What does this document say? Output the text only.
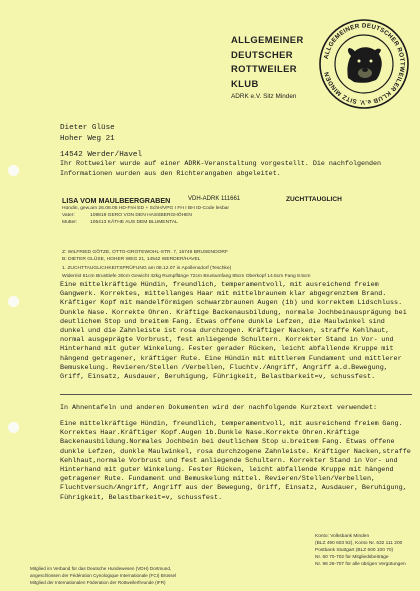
ALLGEMEINER
DEUTSCHER
ROTTWEILER
KLUB
ADRK e.V. Sitz Minden
ALLGEMEINER DEUTSCHER ROTTWEILER KLUB e.V. SITZ MINDEN
Dieter Glüse
Hoher Weg 21
14542 Werder/Havel
Ihr Rottweiler wurde auf einer ADRK-Veranstaltung vorgestellt. Die nachfolgenden Informationen wurden aus den Richterangaben abgeleitet.
LISA VOM MAULBEERGRABEN	VDH-ADRK 111661	ZUCHTTAUGLICH
Hündin, gew.am 26.08.05 HD-Frei ED + SchH/VPG I FH I BH ID-Code lesbar
Vater:	109819 GERO VON DEN HASSBERGHÖHEN
Mutter:	105413 KÄTHE AUS DEM BLUMENTAL
Z: WILFRIED GÖTZE, OTTO-GROTEWOHL-STR. 7, 15749 BRUSENDORF
B: DIETER GLÜSE, HOHER WEG 21, 14542 WERDER/HAVEL
1. ZUCHTTAUGLICHKEITSPRÜFUNG am 08.12.07 in Apollensdorf (Teschke)
Widerrist 61cm Brusttiefe 30cm Gewicht 42kg Rumpflänge 72cm Brustumfang 85cm Oberkopf 14.5cm Fang 8.5cm
Eine mittelkräftige Hündin, freundlich, temperamentvoll, mit ausreichend freiem Gangwerk. Korrektes, mittellanges Haar mit mittelbraunem klar abgegrenztem Brand. Kräftiger Kopf mit mandelförmigen schwarzbraunen Augen (1b) und korrektem Lidschluss. Dunkle Nase. Korrekte Ohren. Kräftige Backenausbildung, normale Jochbeinausprägung bei deutlichem Stop und breitem Fang. Etwas offene dunkle Lefzen, die Maulwinkel sind dunkel und die Zahnleiste ist rosa durchzogen. Kräftiger Nacken, straffe Kehlhaut, normal ausgeprägte Vorbrust, fest anliegende Schultern. Korrekter Stand in Vor- und Hinterhand mit guter Winkelung. Fester gerader Rücken, leicht abfallende Kruppe mit hängend getragener, kräftiger Rute. Eine Hündin mit mittlerem Fundament und mittlerer Bemuskelung. Revieren/Stellen /Verbellen, Fluchtv./Angriff, Angriff a.d.Bewegung, Griff, Einsatz, Ausdauer, Beruhigung, Führigkeit, Belastbarkeit=v, schussfest.
In Ahnentafeln und anderen Dokumenten wird der nachfolgende Kurztext verwendet:
Eine mittelkräftige Hündin, freundlich, temperamentvoll, mit ausreichend freiem Gang. Korrektes Haar.Kräftiger Kopf.Augen 1b.Dunkle Nase.Korrekte Ohren.Kräftige Backenausbildung.Normales Jochbein bei deutlichem Stop u.breitem Fang. Etwas offene dunkle Lefzen, dunkle Maulwinkel, rosa durchzogene Zahnleiste. Kräftiger Nacken,straffe Kehlhaut,normale Vorbrust und fest anliegende Schultern. Korrekter Stand in Vor- und Hinterhand mit guter Winkelung. Fester Rücken, leicht abfallende Kruppe mit hängend getragener Rute. Fundament und Bemuskelung mittel. Revieren/Stellen/Verbellen, Fluchtversuch/Angriff, Angriff aus der Bewegung, Griff, Einsatz, Ausdauer, Beruhigung, Führigkeit, Belastbarkeit=v, schussfest.
Konto: Volksbank Minden
(BLZ 490 603 92), Konto Nr. 632 111 200
Postbank Stuttgart (BLZ 600 100 70)
Nr. 60 70-702 für Mitgliedsbeiträge
Nr. 98 26-707 für alle übrigen Vergütungen
Mitglied im Verband für das Deutsche Hundewesen (VDH) Dortmund,
angeschlossen der Fédération Cynologique Internationale (FCI) Brüssel
Mitglied der Internationalen Föderation der Rottweilerfreunde (IFR)
